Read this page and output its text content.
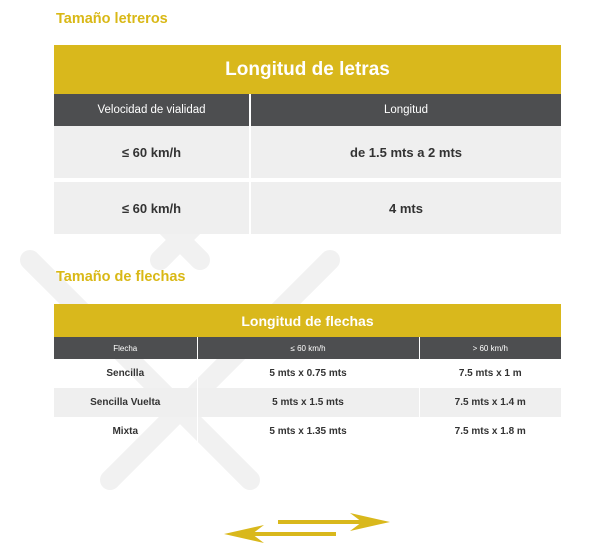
Tamaño letreros
Longitud de letras	
Velocidad de vialidad	Longitud
≤ 60 km/h	de 1.5 mts a 2 mts

≤ 60 km/h	4 mts
Tamaño de flechas
Longitud de flechas		
Flecha	≤ 60 km/h	> 60 km/h
Sencilla	5 mts x 0.75 mts	7.5 mts x 1 m
Sencilla Vuelta	5 mts x 1.5 mts	7.5 mts x 1.4 m
Mixta	5 mts x 1.35 mts	7.5 mts x 1.8 m
